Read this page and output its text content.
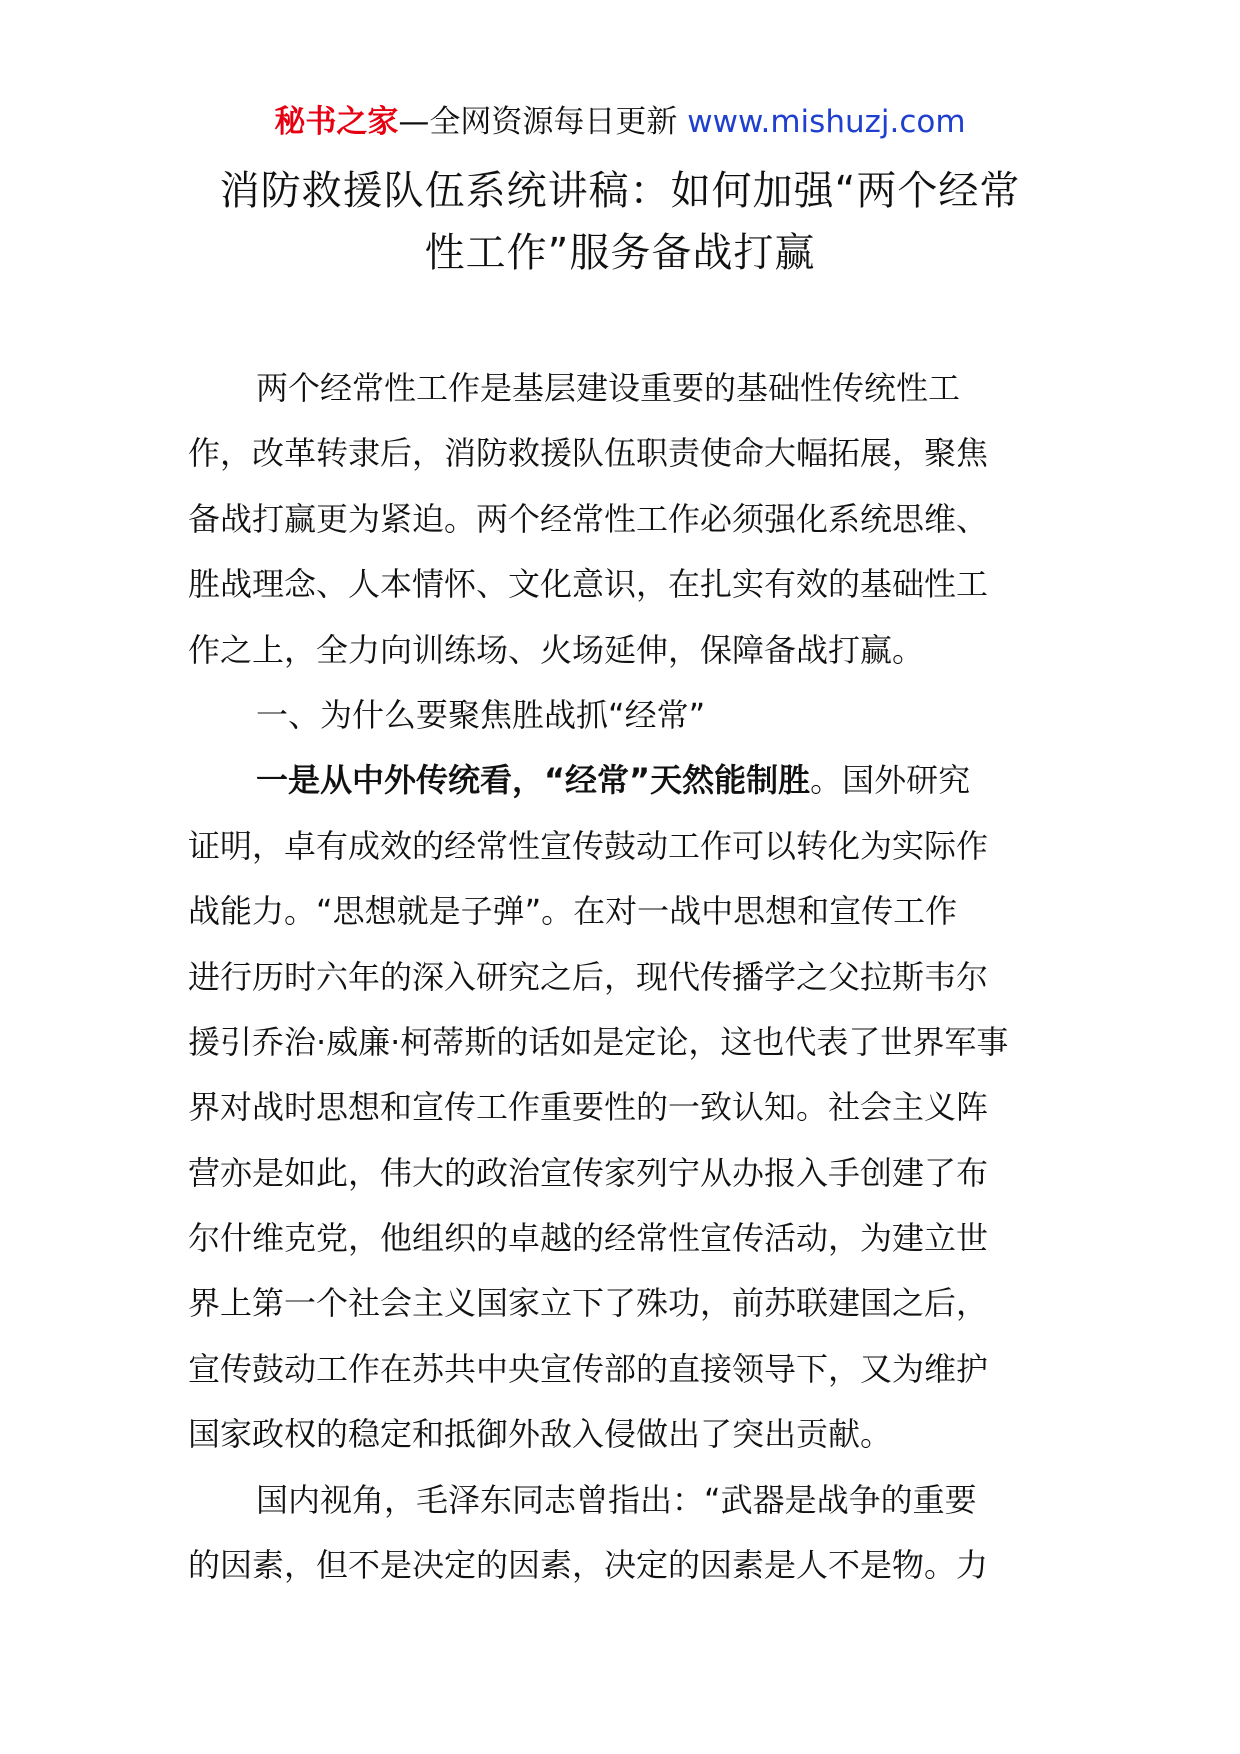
秘书之家—全网资源每日更新 www.mishuzj.com
消防救援队伍系统讲稿：如何加强“两个经常
性工作”服务备战打赢
两个经常性工作是基层建设重要的基础性传统性工
作，改革转隶后，消防救援队伍职责使命大幅拓展，聚焦
备战打赢更为紧迫。两个经常性工作必须强化系统思维、
胜战理念、人本情怀、文化意识，在扎实有效的基础性工
作之上，全力向训练场、火场延伸，保障备战打赢。
一、为什么要聚焦胜战抓“经常”
一是从中外传统看，“经常”天然能制胜。国外研究
证明，卓有成效的经常性宣传鼓动工作可以转化为实际作
战能力。“思想就是子弹”。在对一战中思想和宣传工作
进行历时六年的深入研究之后，现代传播学之父拉斯韦尔
援引乔治·威廉·柯蒂斯的话如是定论，这也代表了世界军事
界对战时思想和宣传工作重要性的一致认知。社会主义阵
营亦是如此，伟大的政治宣传家列宁从办报入手创建了布
尔什维克党，他组织的卓越的经常性宣传活动，为建立世
界上第一个社会主义国家立下了殊功，前苏联建国之后，
宣传鼓动工作在苏共中央宣传部的直接领导下，又为维护
国家政权的稳定和抵御外敌入侵做出了突出贡献。
国内视角，毛泽东同志曾指出：“武器是战争的重要
的因素，但不是决定的因素，决定的因素是人不是物。力
